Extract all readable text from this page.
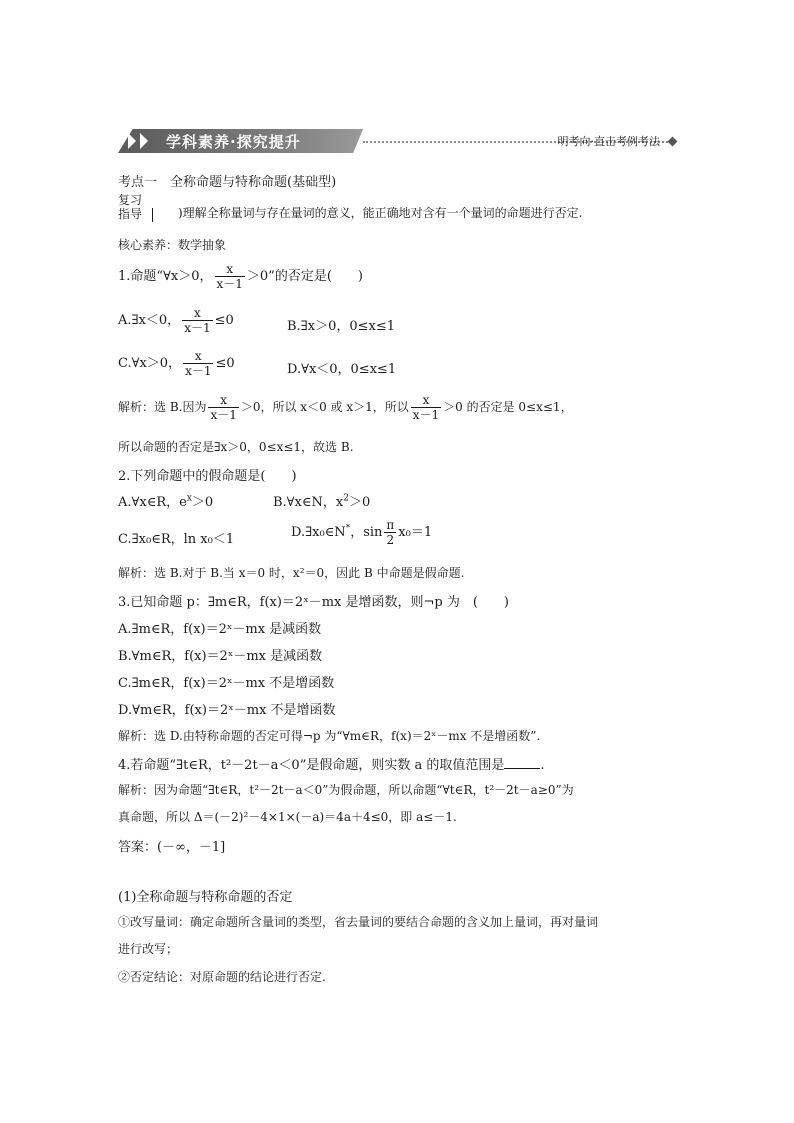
学科素养·探究提升	明考向·直击考例考法
考点一　全称命题与特称命题(基础型)
复习
指导	)理解全称量词与存在量词的意义，能正确地对含有一个量词的命题进行否定.
核心素养：数学抽象
1.命题“∀x＞0， $\frac{x}{x-1} >0$”的否定是(　　)
A.∃x＜0， $\frac{x}{x-1} \le 0$	B.∃x＞0，0≤x≤1
C.∀x＞0， $\frac{x}{x-1} \le 0$	D.∀x＜0，0≤x≤1
解析：选 B.因为 $\frac{x}{x-1} >0$，所以 x＜0 或 x＞1，所以 $\frac{x}{x-1} >0$ 的否定是 0≤x≤1，
所以命题的否定是∃x＞0，0≤x≤1，故选 B.
2.下列命题中的假命题是(　　)
A.∀x∈R，$e^x>0$	B.∀x∈N，$x^2>0$
C.∃x₀∈R，ln x₀＜1	D.∃x₀∈N*，$\sin \frac{\pi}{2} x_0=1$
解析：选 B.对于 B.当 x＝0 时，x²＝0，因此 B 中命题是假命题.
3.已知命题 p：∃m∈R，f(x)＝2ˣ－mx 是增函数，则¬p 为　(　　)
A.∃m∈R，f(x)＝2ˣ－mx 是减函数
B.∀m∈R，f(x)＝2ˣ－mx 是减函数
C.∃m∈R，f(x)＝2ˣ－mx 不是增函数
D.∀m∈R，f(x)＝2ˣ－mx 不是增函数
解析：选 D.由特称命题的否定可得¬p 为“∀m∈R，f(x)＝2ˣ－mx 不是增函数”.
4.若命题“∃t∈R，t²－2t－a＜0”是假命题，则实数 a 的取值范围是	.
解析：因为命题“∃t∈R，t²－2t－a＜0”为假命题，所以命题“∀t∈R，t²－2t－a≥0”为
真命题，所以 Δ＝(－2)²－4×1×(－a)＝4a＋4≤0，即 a≤－1.
答案：(－∞，－1]
(1)全称命题与特称命题的否定
①改写量词：确定命题所含量词的类型，省去量词的要结合命题的含义加上量词，再对量词
进行改写；
②否定结论：对原命题的结论进行否定.
